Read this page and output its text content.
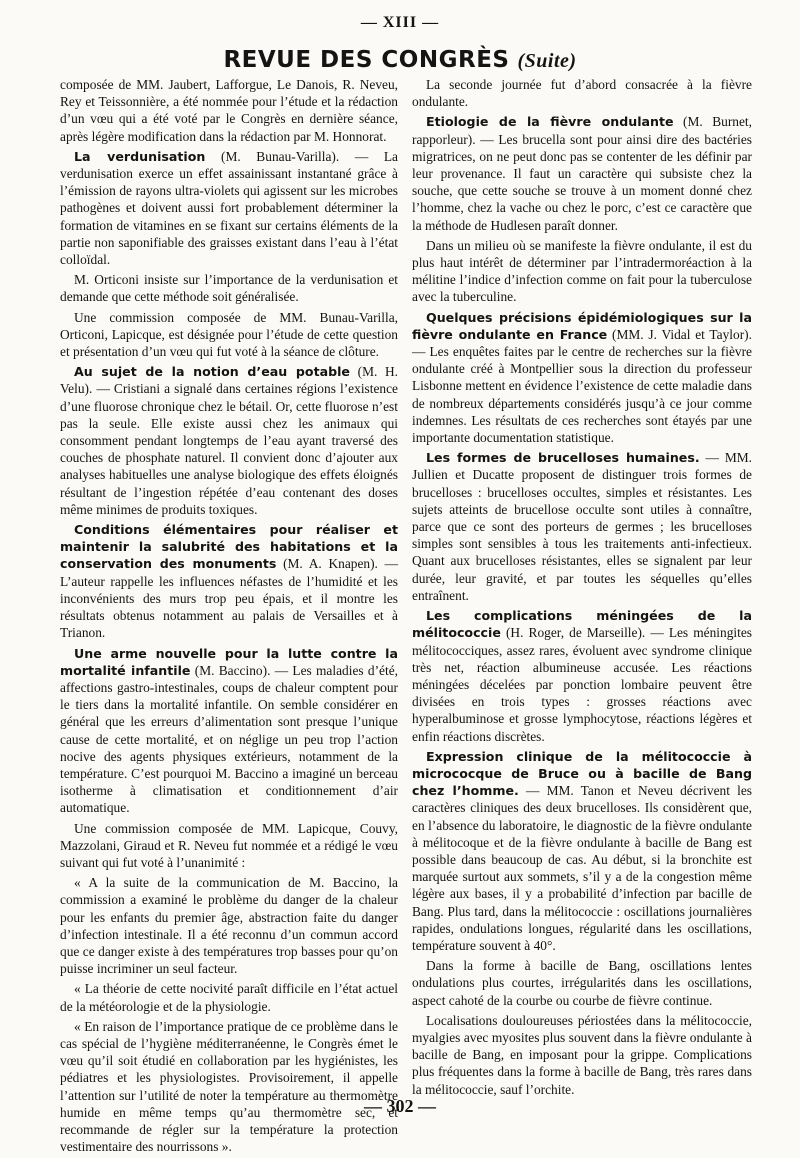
— XIII —
REVUE DES CONGRÈS (Suite)

composée de MM. Jaubert, Lafforgue, Le Danois, R. Neveu, Rey et Teissonnière, a été nommée pour l’étude et la rédaction d’un vœu qui a été voté par le Congrès en dernière séance, après légère modification dans la rédaction par M. Honnorat.

La verdunisation (M. Bunau-Varilla). — La verdunisation exerce un effet assainissant instantané grâce à l’émission de rayons ultra-violets qui agissent sur les microbes pathogènes et doivent aussi fort probablement déterminer la formation de vitamines en se fixant sur certains éléments de la partie non saponifiable des graisses existant dans l’eau à l’état colloïdal.

M. Orticoni insiste sur l’importance de la verdunisation et demande que cette méthode soit généralisée.

Une commission composée de MM. Bunau-Varilla, Orticoni, Lapicque, est désignée pour l’étude de cette question et présentation d’un vœu qui fut voté à la séance de clôture.

Au sujet de la notion d’eau potable (M. H. Velu). — Cristiani a signalé dans certaines régions l’existence d’une fluorose chronique chez le bétail. Or, cette fluorose n’est pas la seule. Elle existe aussi chez les animaux qui consomment pendant longtemps de l’eau ayant traversé des couches de phosphate naturel. Il convient donc d’ajouter aux analyses habituelles une analyse biologique des effets éloignés résultant de l’ingestion répétée d’eau contenant des doses même minimes de produits toxiques.

Conditions élémentaires pour réaliser et maintenir la salubrité des habitations et la conservation des monuments (M. A. Knapen). — L’auteur rappelle les influences néfastes de l’humidité et les inconvénients des murs trop peu épais, et il montre les résultats obtenus notamment au palais de Versailles et à Trianon.

Une arme nouvelle pour la lutte contre la mortalité infantile (M. Baccino). — Les maladies d’été, affections gastro-intestinales, coups de chaleur comptent pour le tiers dans la mortalité infantile. On semble considérer en général que les erreurs d’alimentation sont presque l’unique cause de cette mortalité, et on néglige un peu trop l’action nocive des agents physiques extérieurs, notamment de la température. C’est pourquoi M. Baccino a imaginé un berceau isotherme à climatisation et conditionnement d’air automatique.

Une commission composée de MM. Lapicque, Couvy, Mazzolani, Giraud et R. Neveu fut nommée et a rédigé le vœu suivant qui fut voté à l’unanimité :

« A la suite de la communication de M. Baccino, la commission a examiné le problème du danger de la chaleur pour les enfants du premier âge, abstraction faite du danger d’infection intestinale. Il a été reconnu d’un commun accord que ce danger existe à des températures trop basses pour qu’on puisse incriminer un seul facteur.

« La théorie de cette nocivité paraît difficile en l’état actuel de la météorologie et de la physiologie.

« En raison de l’importance pratique de ce problème dans le cas spécial de l’hygiène méditerranéenne, le Congrès émet le vœu qu’il soit étudié en collaboration par les hygiénistes, les pédiatres et les physiologistes. Provisoirement, il appelle l’attention sur l’utilité de noter la température au thermomètre humide en même temps qu’au thermomètre sec, et recommande de régler sur la température la protection vestimentaire des nourrissons ».

La seconde journée fut d’abord consacrée à la fièvre ondulante.

Etiologie de la fièvre ondulante (M. Burnet, rapporleur). — Les brucella sont pour ainsi dire des bactéries migratrices, on ne peut donc pas se contenter de les définir par leur provenance. Il faut un caractère qui subsiste chez la souche, que cette souche se trouve à un moment donné chez l’homme, chez la vache ou chez le porc, c’est ce caractère que la méthode de Hudlesen paraît donner.

Dans un milieu où se manifeste la fièvre ondulante, il est du plus haut intérêt de déterminer par l’intradermoréaction à la mélitine l’indice d’infection comme on fait pour la tuberculose avec la tuberculine.

Quelques précisions épidémiologiques sur la fièvre ondulante en France (MM. J. Vidal et Taylor). — Les enquêtes faites par le centre de recherches sur la fièvre ondulante créé à Montpellier sous la direction du professeur Lisbonne mettent en évidence l’existence de cette maladie dans de nombreux départements considérés jusqu’à ce jour comme indemnes. Les résultats de ces recherches sont étayés par une importante documentation statistique.

Les formes de brucelloses humaines. — MM. Jullien et Ducatte proposent de distinguer trois formes de brucelloses : brucelloses occultes, simples et résistantes. Les sujets atteints de brucellose occulte sont utiles à connaître, parce que ce sont des porteurs de germes ; les brucelloses simples sont sensibles à tous les traitements anti-infectieux. Quant aux brucelloses résistantes, elles se signalent par leur durée, leur gravité, et par toutes les séquelles qu’elles entraînent.

Les complications méningées de la mélitococcie (H. Roger, de Marseille). — Les méningites mélitococciques, assez rares, évoluent avec syndrome clinique très net, réaction albumineuse accusée. Les réactions méningées décelées par ponction lombaire peuvent être divisées en trois types : grosses réactions avec hyperalbuminose et grosse lymphocytose, réactions légères et enfin réactions discrètes.

Expression clinique de la mélitococcie à micrococque de Bruce ou à bacille de Bang chez l’homme. — MM. Tanon et Neveu décrivent les caractères cliniques des deux brucelloses. Ils considèrent que, en l’absence du laboratoire, le diagnostic de la fièvre ondulante à mélitocoque et de la fièvre ondulante à bacille de Bang est possible dans beaucoup de cas. Au début, si la bronchite est marquée surtout aux sommets, s’il y a de la congestion même légère aux bases, il y a probabilité d’infection par bacille de Bang. Plus tard, dans la mélitococcie : oscillations journalières rapides, ondulations longues, régularité dans les oscillations, température souvent à 40°.

Dans la forme à bacille de Bang, oscillations lentes ondulations plus courtes, irrégularités dans les oscillations, aspect cahoté de la courbe ou courbe de fièvre continue.

Localisations douloureuses périostées dans la mélitococcie, myalgies avec myosites plus souvent dans la fièvre ondulante à bacille de Bang, en imposant pour la grippe. Complications plus fréquentes dans la forme à bacille de Bang, très rares dans la mélitococcie, sauf l’orchite.

— 302 —
